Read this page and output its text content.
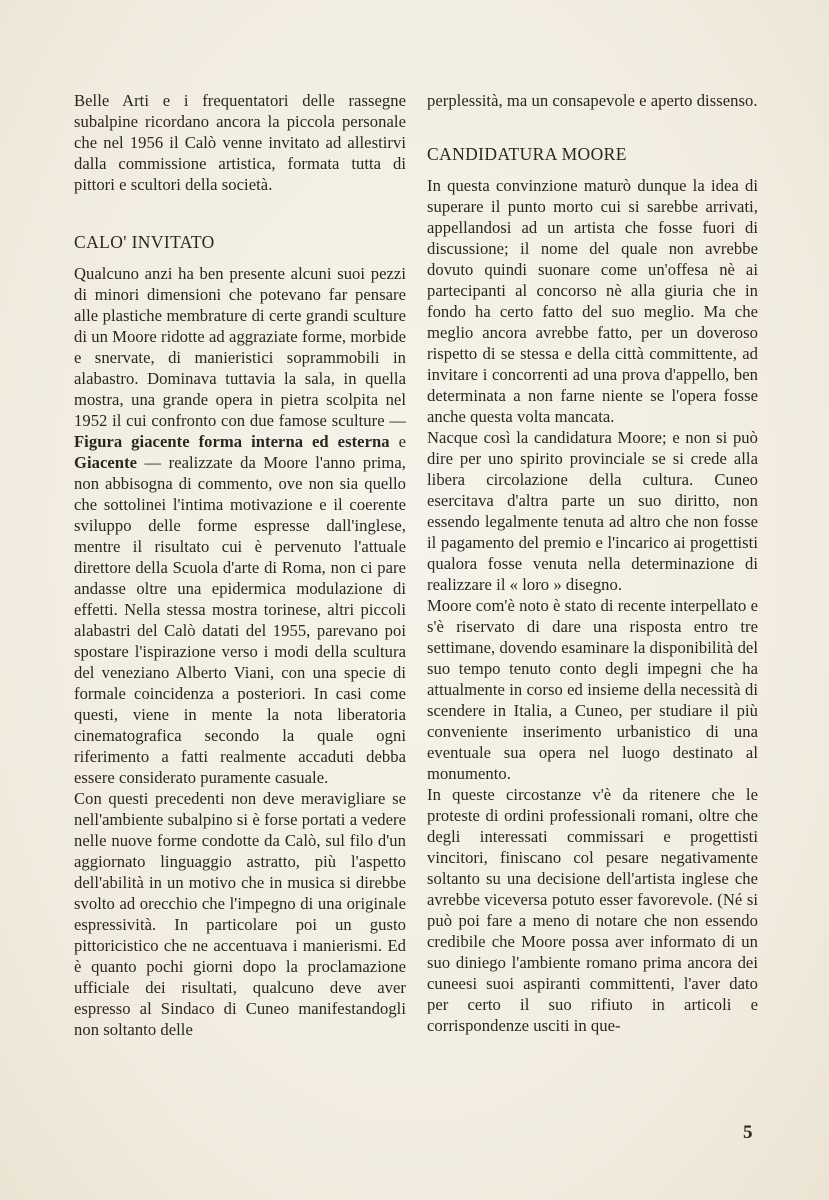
Belle Arti e i frequentatori delle rassegne subalpine ricordano ancora la piccola personale che nel 1956 il Calò venne invitato ad allestirvi dalla commissione artistica, formata tutta di pittori e scultori della società.

CALO' INVITATO

Qualcuno anzi ha ben presente alcuni suoi pezzi di minori dimensioni che potevano far pensare alle plastiche membrature di certe grandi sculture di un Moore ridotte ad aggraziate forme, morbide e snervate, di manieristici soprammobili in alabastro. Dominava tuttavia la sala, in quella mostra, una grande opera in pietra scolpita nel 1952 il cui confronto con due famose sculture — Figura giacente forma interna ed esterna e Giacente — realizzate da Moore l'anno prima, non abbisogna di commento, ove non sia quello che sottolinei l'intima motivazione e il coerente sviluppo delle forme espresse dall'inglese, mentre il risultato cui è pervenuto l'attuale direttore della Scuola d'arte di Roma, non ci pare andasse oltre una epidermica modulazione di effetti. Nella stessa mostra torinese, altri piccoli alabastri del Calò datati del 1955, parevano poi spostare l'ispirazione verso i modi della scultura del veneziano Alberto Viani, con una specie di formale coincidenza a posteriori. In casi come questi, viene in mente la nota liberatoria cinematografica secondo la quale ogni riferimento a fatti realmente accaduti debba essere considerato puramente casuale.

Con questi precedenti non deve meravigliare se nell'ambiente subalpino si è forse portati a vedere nelle nuove forme condotte da Calò, sul filo d'un aggiornato linguaggio astratto, più l'aspetto dell'abilità in un motivo che in musica si direbbe svolto ad orecchio che l'impegno di una originale espressività. In particolare poi un gusto pittoricistico che ne accentuava i manierismi. Ed è quanto pochi giorni dopo la proclamazione ufficiale dei risultati, qualcuno deve aver espresso al Sindaco di Cuneo manifestandogli non soltanto delle

perplessità, ma un consapevole e aperto dissenso.

CANDIDATURA MOORE

In questa convinzione maturò dunque la idea di superare il punto morto cui si sarebbe arrivati, appellandosi ad un artista che fosse fuori di discussione; il nome del quale non avrebbe dovuto quindi suonare come un'offesa nè ai partecipanti al concorso nè alla giuria che in fondo ha certo fatto del suo meglio. Ma che meglio ancora avrebbe fatto, per un doveroso rispetto di se stessa e della città committente, ad invitare i concorrenti ad una prova d'appello, ben determinata a non farne niente se l'opera fosse anche questa volta mancata.

Nacque così la candidatura Moore; e non si può dire per uno spirito provinciale se si crede alla libera circolazione della cultura. Cuneo esercitava d'altra parte un suo diritto, non essendo legalmente tenuta ad altro che non fosse il pagamento del premio e l'incarico ai progettisti qualora fosse venuta nella determinazione di realizzare il « loro » disegno.

Moore com'è noto è stato di recente interpellato e s'è riservato di dare una risposta entro tre settimane, dovendo esaminare la disponibilità del suo tempo tenuto conto degli impegni che ha attualmente in corso ed insieme della necessità di scendere in Italia, a Cuneo, per studiare il più conveniente inserimento urbanistico di una eventuale sua opera nel luogo destinato al monumento.

In queste circostanze v'è da ritenere che le proteste di ordini professionali romani, oltre che degli interessati commissari e progettisti vincitori, finiscano col pesare negativamente soltanto su una decisione dell'artista inglese che avrebbe viceversa potuto esser favorevole. (Né si può poi fare a meno di notare che non essendo credibile che Moore possa aver informato di un suo diniego l'ambiente romano prima ancora dei cuneesi suoi aspiranti committenti, l'aver dato per certo il suo rifiuto in articoli e corrispondenze usciti in que-

5
